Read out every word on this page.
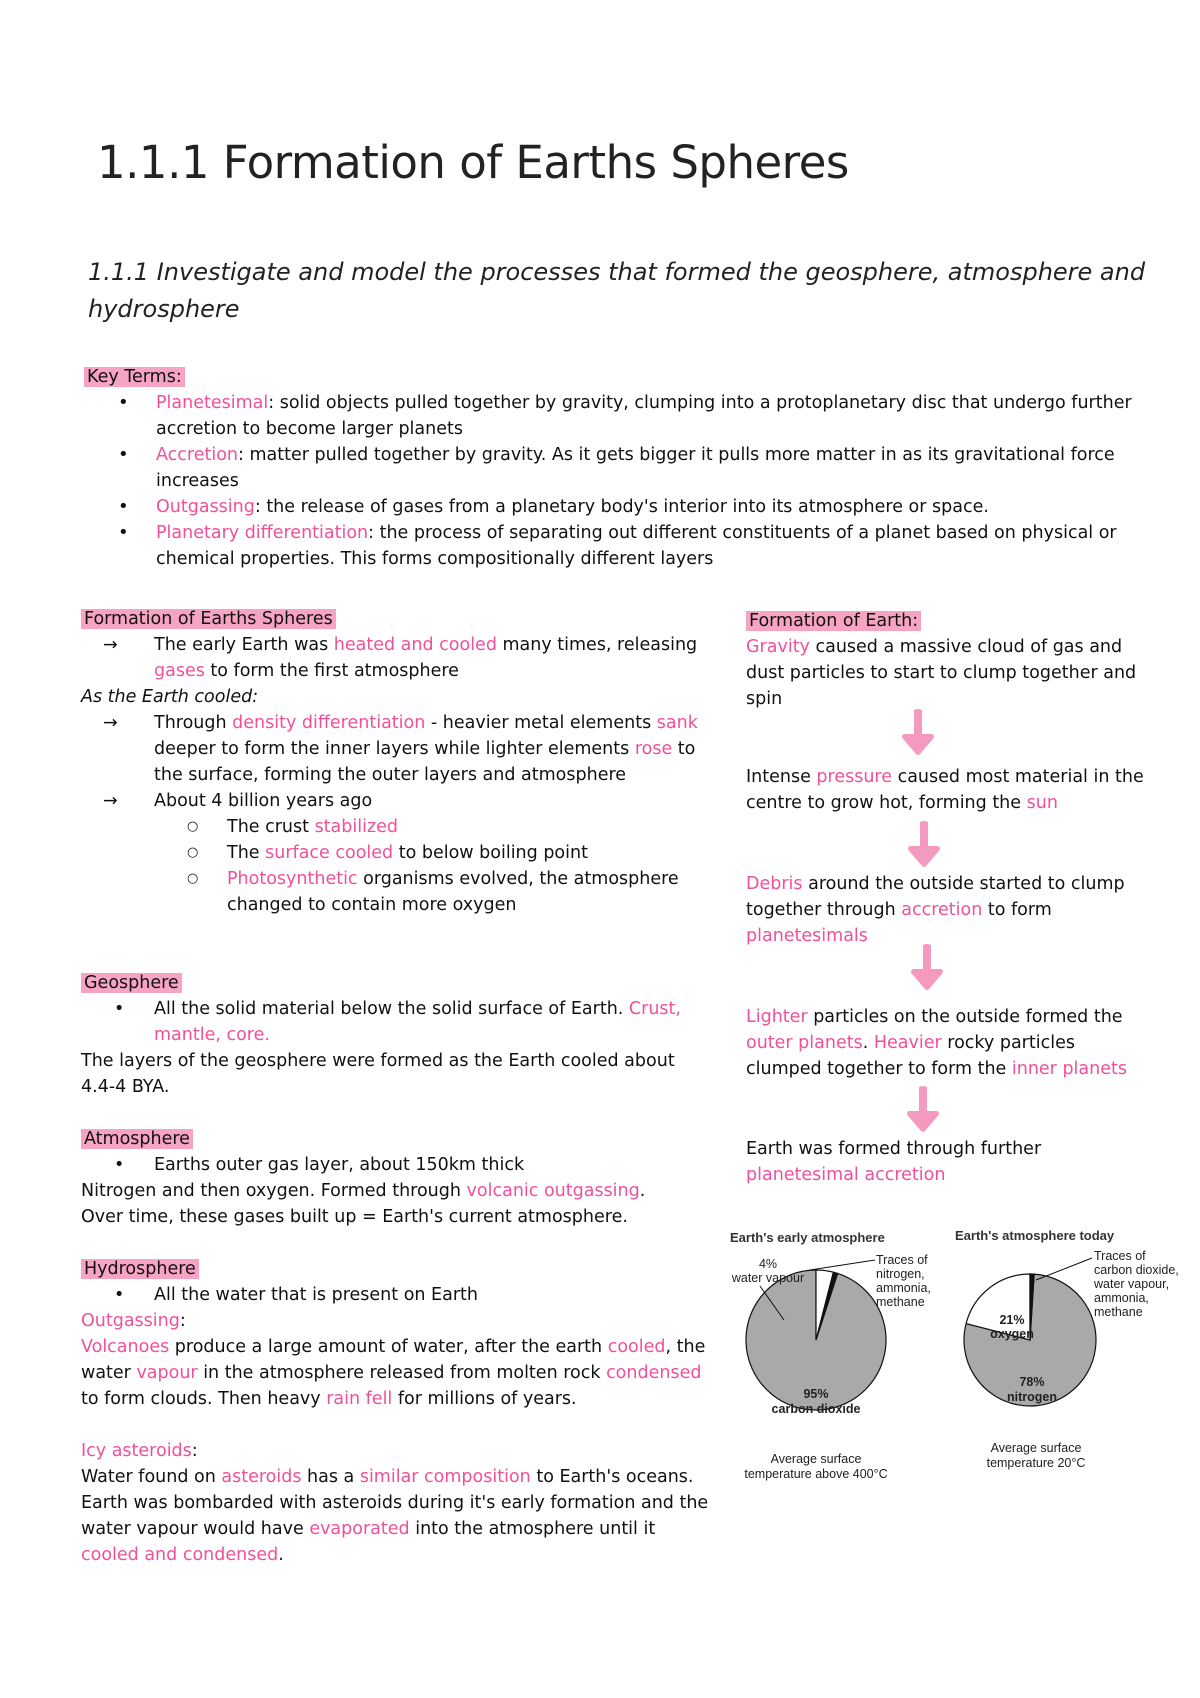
1.1.1 Formation of Earths Spheres
1.1.1 Investigate and model the processes that formed the geosphere, atmosphere and hydrosphere
Key Terms:
• Planetesimal: solid objects pulled together by gravity, clumping into a protoplanetary disc that undergo further accretion to become larger planets
• Accretion: matter pulled together by gravity. As it gets bigger it pulls more matter in as its gravitational force increases
• Outgassing: the release of gases from a planetary body's interior into its atmosphere or space.
• Planetary differentiation: the process of separating out different constituents of a planet based on physical or chemical properties. This forms compositionally different layers
Formation of Earths Spheres
→ The early Earth was heated and cooled many times, releasing gases to form the first atmosphere
As the Earth cooled:
→ Through density differentiation - heavier metal elements sank deeper to form the inner layers while lighter elements rose to the surface, forming the outer layers and atmosphere
→ About 4 billion years ago
○ The crust stabilized
○ The surface cooled to below boiling point
○ Photosynthetic organisms evolved, the atmosphere changed to contain more oxygen
Geosphere
• All the solid material below the solid surface of Earth. Crust, mantle, core.
The layers of the geosphere were formed as the Earth cooled about 4.4-4 BYA.
Atmosphere
• Earths outer gas layer, about 150km thick
Nitrogen and then oxygen. Formed through volcanic outgassing.
Over time, these gases built up = Earth's current atmosphere.
Hydrosphere
• All the water that is present on Earth
Outgassing:
Volcanoes produce a large amount of water, after the earth cooled, the water vapour in the atmosphere released from molten rock condensed to form clouds. Then heavy rain fell for millions of years.
Icy asteroids:
Water found on asteroids has a similar composition to Earth's oceans. Earth was bombarded with asteroids during it's early formation and the water vapour would have evaporated into the atmosphere until it cooled and condensed.
Formation of Earth:
Gravity caused a massive cloud of gas and dust particles to start to clump together and spin
Intense pressure caused most material in the centre to grow hot, forming the sun
Debris around the outside started to clump together through accretion to form planetesimals
Lighter particles on the outside formed the outer planets. Heavier rocky particles clumped together to form the inner planets
Earth was formed through further planetesimal accretion
Earth's early atmosphere
4%
water vapour
Traces of
nitrogen,
ammonia,
methane
95%
carbon dioxide
Average surface
temperature above 400°C
Earth's atmosphere today
21%
oxygen
Traces of
carbon dioxide,
water vapour,
ammonia,
methane
78%
nitrogen
Average surface
temperature 20°C
